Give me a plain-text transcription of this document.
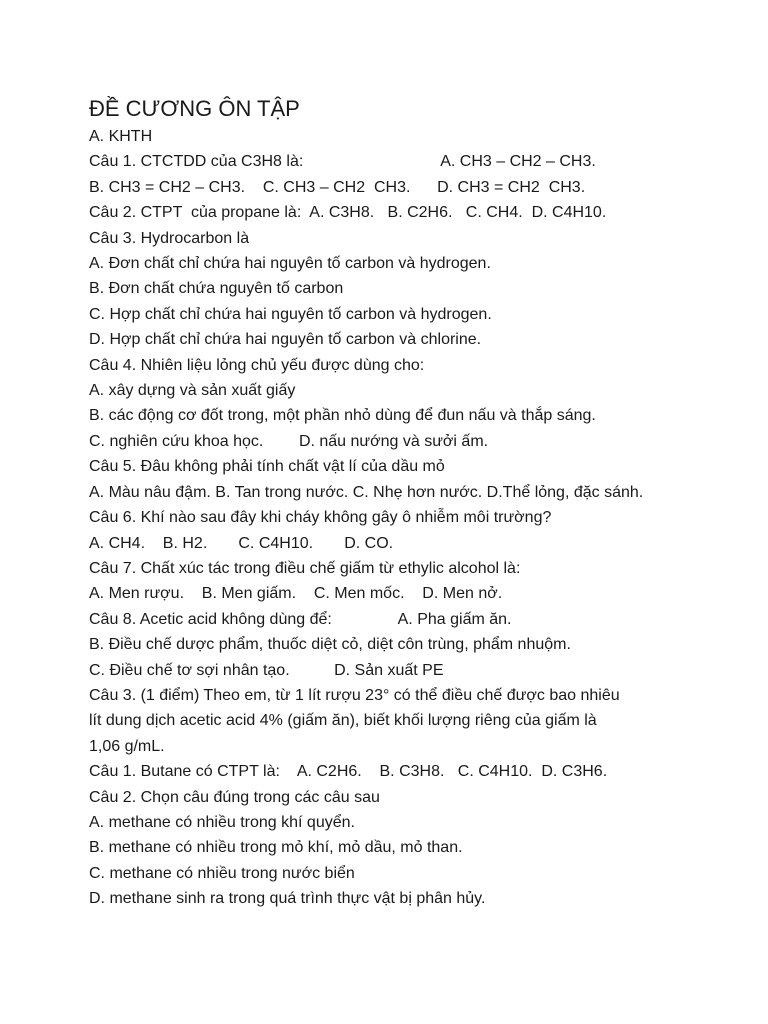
ĐỀ CƯƠNG ÔN TẬP

A. KHTH

Câu 1. CTCTDD của C3H8 là:                               A. CH3 – CH2 – CH3.

B. CH3 = CH2 – CH3.    C. CH3 – CH2  CH3.      D. CH3 = CH2  CH3.

Câu 2. CTPT  của propane là:  A. C3H8.   B. C2H6.   C. CH4.  D. C4H10.

Câu 3. Hydrocarbon là

A. Đơn chất chỉ chứa hai nguyên tố carbon và hydrogen.

B. Đơn chất chứa nguyên tố carbon

C. Hợp chất chỉ chứa hai nguyên tố carbon và hydrogen.

D. Hợp chất chỉ chứa hai nguyên tố carbon và chlorine.

Câu 4. Nhiên liệu lỏng chủ yếu được dùng cho:

A. xây dựng và sản xuất giấy

B. các động cơ đốt trong, một phần nhỏ dùng để đun nấu và thắp sáng.

C. nghiên cứu khoa học.        D. nấu nướng và sưởi ấm.

Câu 5. Đâu không phải tính chất vật lí của dầu mỏ

A. Màu nâu đậm. B. Tan trong nước. C. Nhẹ hơn nước. D.Thể lỏng, đặc sánh.

Câu 6. Khí nào sau đây khi cháy không gây ô nhiễm môi trường?

A. CH4.    B. H2.       C. C4H10.       D. CO.

Câu 7. Chất xúc tác trong điều chế giấm từ ethylic alcohol là:

A. Men rượu.    B. Men giấm.    C. Men mốc.    D. Men nở.

Câu 8. Acetic acid không dùng để:               A. Pha giấm ăn.

B. Điều chế dược phẩm, thuốc diệt cỏ, diệt côn trùng, phẩm nhuộm.

C. Điều chế tơ sợi nhân tạo.          D. Sản xuất PE

Câu 3. (1 điểm) Theo em, từ 1 lít rượu 23° có thể điều chế được bao nhiêu

lít dung dịch acetic acid 4% (giấm ăn), biết khối lượng riêng của giấm là

1,06 g/mL.

Câu 1. Butane có CTPT là:    A. C2H6.    B. C3H8.   C. C4H10.  D. C3H6.

Câu 2. Chọn câu đúng trong các câu sau

A. methane có nhiều trong khí quyển.

B. methane có nhiều trong mỏ khí, mỏ dầu, mỏ than.

C. methane có nhiều trong nước biển

D. methane sinh ra trong quá trình thực vật bị phân hủy.
